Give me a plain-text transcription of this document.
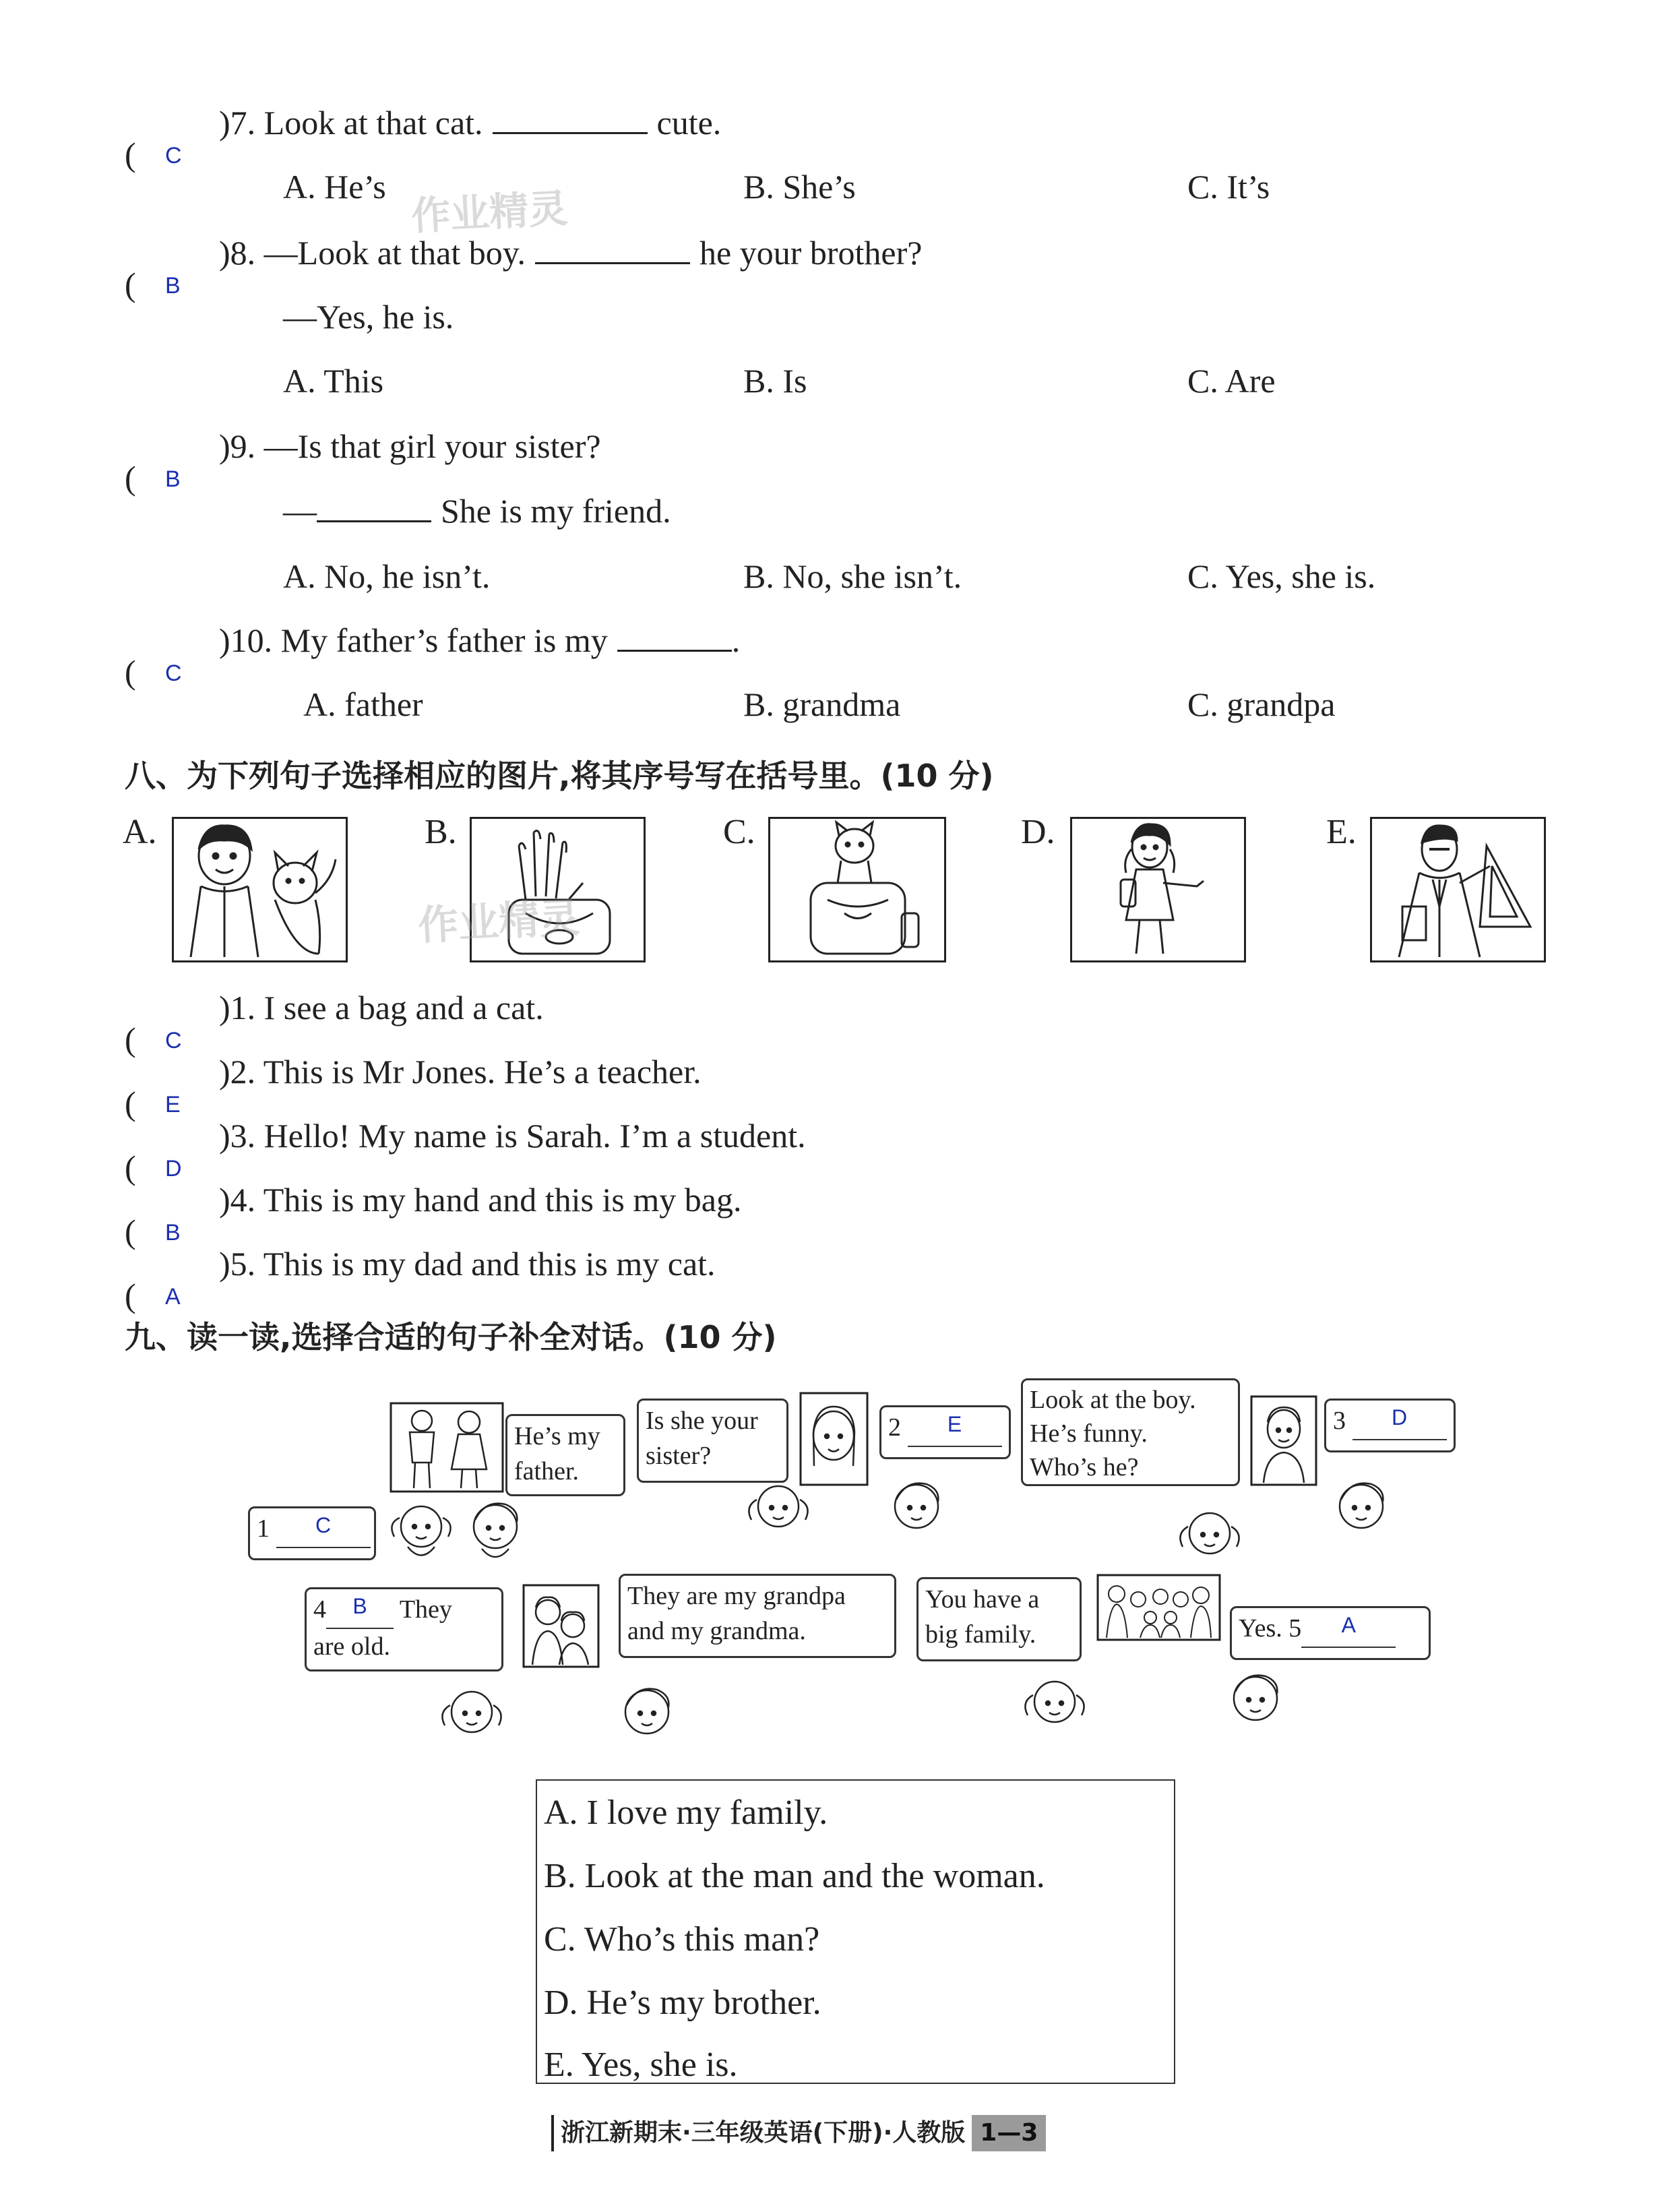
( C
)7. Look at that cat.	cute.
A. He’s	B. She’s	C. It’s
( B
)8. —Look at that boy.	he your brother?
—Yes, he is.
A. This	B. Is	C. Are
( B
)9. —Is that girl your sister?
—	She is my friend.
A. No, he isn’t.	B. No, she isn’t.	C. Yes, she is.
( C
)10. My father’s father is my	.
A. father	B. grandma	C. grandpa
作业精灵
八、为下列句子选择相应的图片,将其序号写在括号里。(10 分)
A.	B.	C.	D.	E.
作业精灵
( C
)1. I see a bag and a cat.
( E
)2. This is Mr Jones. He’s a teacher.
( D
)3. Hello! My name is Sarah. I’m a student.
( B
)4. This is my hand and this is my bag.
( A
)5. This is my dad and this is my cat.
九、读一读,选择合适的句子补全对话。(10 分)
He’s my
father.
Is she your
sister?
2 E
Look at the boy.
He’s funny.
Who’s he?
3 D
1 C
4 B They
are old.
They are my grandpa
and my grandma.
You have a
big family.	Yes. 5 A
A. I love my family.
B. Look at the man and the woman.
C. Who’s this man?
D. He’s my brother.
E. Yes, she is.
浙江新期末·三年级英语(下册)·人教版 1—3
